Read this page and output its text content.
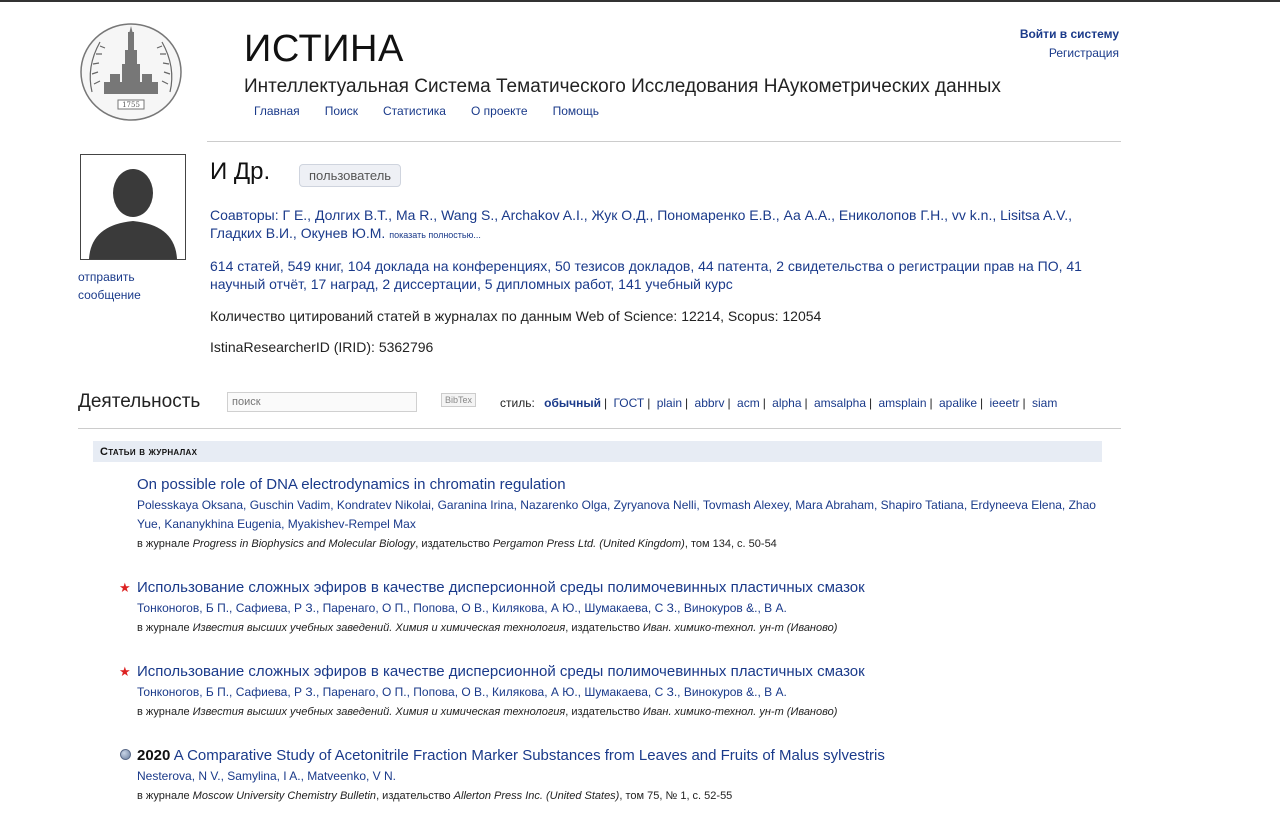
1755
ИСТИНА
Интеллектуальная Система Тематического Исследования НАукометрических данных
Главная Поиск Статистика О проекте Помощь
Войти в систему
Регистрация
отправить сообщение
И Др.	пользователь
Соавторы: Г Е., Долгих В.Т., Ma R., Wang S., Archakov A.I., Жук О.Д., Пономаренко Е.В., Аа А.А., Ениколопов Г.Н., vv k.n., Lisitsa A.V., Гладких В.И., Окунев Ю.М. показать полностью...
614 статей, 549 книг, 104 доклада на конференциях, 50 тезисов докладов, 44 патента, 2 свидетельства о регистрации прав на ПО, 41 научный отчёт, 17 наград, 2 диссертации, 5 дипломных работ, 141 учебный курс
Количество цитирований статей в журналах по данным Web of Science: 12214, Scopus: 12054
IstinaResearcherID (IRID): 5362796
Деятельность
поиск	BibTex	стиль: обычный | ГОСТ | plain | abbrv | acm | alpha | amsalpha | amsplain | apalike | ieeetr | siam
Статьи в журналах
On possible role of DNA electrodynamics in chromatin regulation
Polesskaya Oksana, Guschin Vadim, Kondratev Nikolai, Garanina Irina, Nazarenko Olga, Zyryanova Nelli, Tovmash Alexey, Mara Abraham, Shapiro Tatiana, Erdyneeva Elena, Zhao Yue, Kananykhina Eugenia, Myakishev-Rempel Max
в журнале Progress in Biophysics and Molecular Biology, издательство Pergamon Press Ltd. (United Kingdom), том 134, с. 50-54
★ Использование сложных эфиров в качестве дисперсионной среды полимочевинных пластичных смазок
Тонконогов, Б П., Сафиева, Р З., Паренаго, О П., Попова, О В., Килякова, А Ю., Шумакаева, С З., Винокуров &., В А.
в журнале Известия высших учебных заведений. Химия и химическая технология, издательство Иван. химико-технол. ун-т (Иваново)
★ Использование сложных эфиров в качестве дисперсионной среды полимочевинных пластичных смазок
Тонконогов, Б П., Сафиева, Р З., Паренаго, О П., Попова, О В., Килякова, А Ю., Шумакаева, С З., Винокуров &., В А.
в журнале Известия высших учебных заведений. Химия и химическая технология, издательство Иван. химико-технол. ун-т (Иваново)
2020 A Comparative Study of Acetonitrile Fraction Marker Substances from Leaves and Fruits of Malus sylvestris
Nesterova, N V., Samylina, I A., Matveenko, V N.
в журнале Moscow University Chemistry Bulletin, издательство Allerton Press Inc. (United States), том 75, № 1, с. 52-55
